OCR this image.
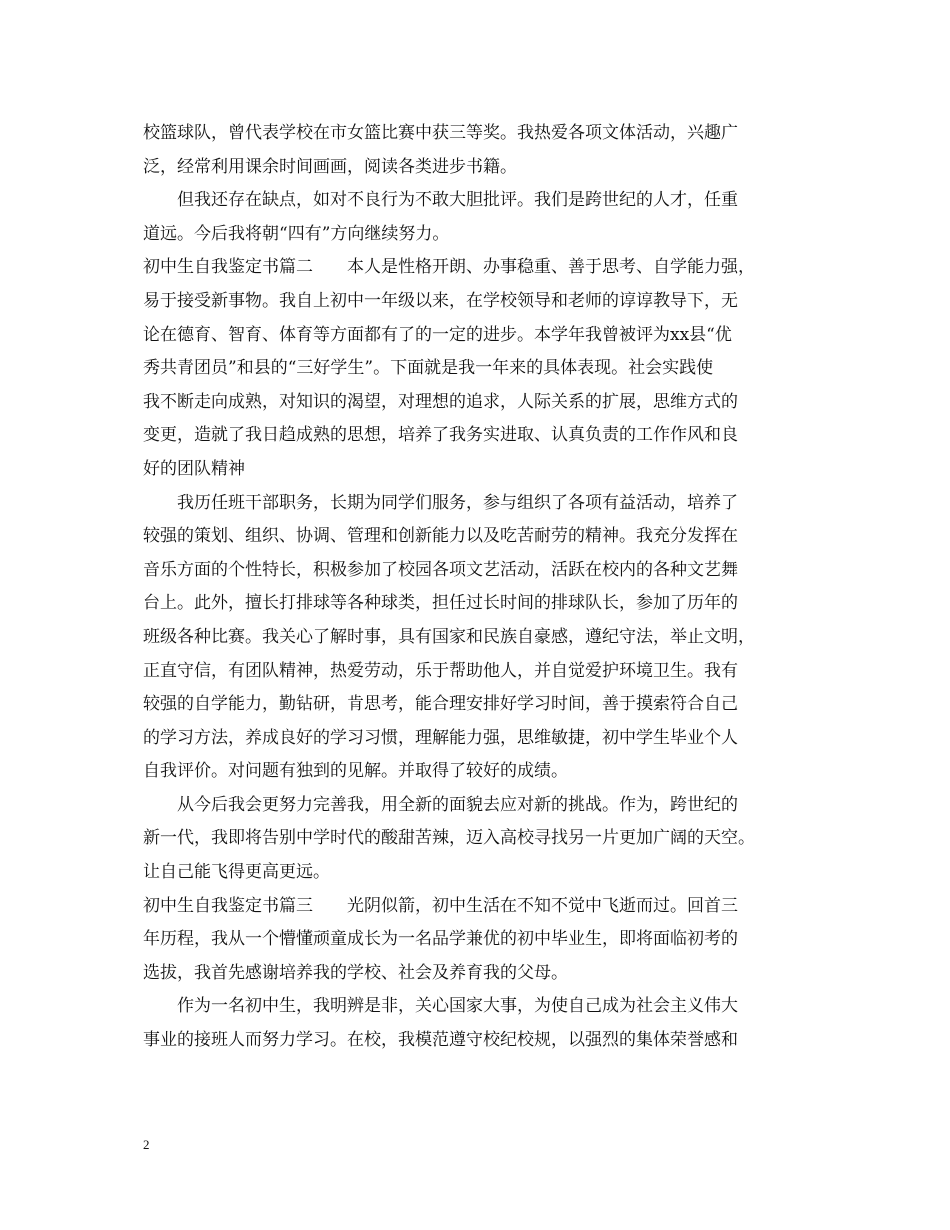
校篮球队，曾代表学校在市女篮比赛中获三等奖。我热爱各项文体活动，兴趣广
泛，经常利用课余时间画画，阅读各类进步书籍。
但我还存在缺点，如对不良行为不敢大胆批评。我们是跨世纪的人才，任重
道远。今后我将朝“四有”方向继续努力。
初中生自我鉴定书篇二　　本人是性格开朗、办事稳重、善于思考、自学能力强，
易于接受新事物。我自上初中一年级以来，在学校领导和老师的谆谆教导下，无
论在德育、智育、体育等方面都有了的一定的进步。本学年我曾被评为xx县“优
秀共青团员”和县的“三好学生”。下面就是我一年来的具体表现。社会实践使
我不断走向成熟，对知识的渴望，对理想的追求，人际关系的扩展，思维方式的
变更，造就了我日趋成熟的思想，培养了我务实进取、认真负责的工作作风和良
好的团队精神
我历任班干部职务，长期为同学们服务，参与组织了各项有益活动，培养了
较强的策划、组织、协调、管理和创新能力以及吃苦耐劳的精神。我充分发挥在
音乐方面的个性特长，积极参加了校园各项文艺活动，活跃在校内的各种文艺舞
台上。此外，擅长打排球等各种球类，担任过长时间的排球队长，参加了历年的
班级各种比赛。我关心了解时事，具有国家和民族自豪感，遵纪守法，举止文明，
正直守信，有团队精神，热爱劳动，乐于帮助他人，并自觉爱护环境卫生。我有
较强的自学能力，勤钻研，肯思考，能合理安排好学习时间，善于摸索符合自己
的学习方法，养成良好的学习习惯，理解能力强，思维敏捷，初中学生毕业个人
自我评价。对问题有独到的见解。并取得了较好的成绩。
从今后我会更努力完善我，用全新的面貌去应对新的挑战。作为，跨世纪的
新一代，我即将告别中学时代的酸甜苦辣，迈入高校寻找另一片更加广阔的天空。
让自己能飞得更高更远。
初中生自我鉴定书篇三　　光阴似箭，初中生活在不知不觉中飞逝而过。回首三
年历程，我从一个懵懂顽童成长为一名品学兼优的初中毕业生，即将面临初考的
选拔，我首先感谢培养我的学校、社会及养育我的父母。
作为一名初中生，我明辨是非，关心国家大事，为使自己成为社会主义伟大
事业的接班人而努力学习。在校，我模范遵守校纪校规，以强烈的集体荣誉感和
2
